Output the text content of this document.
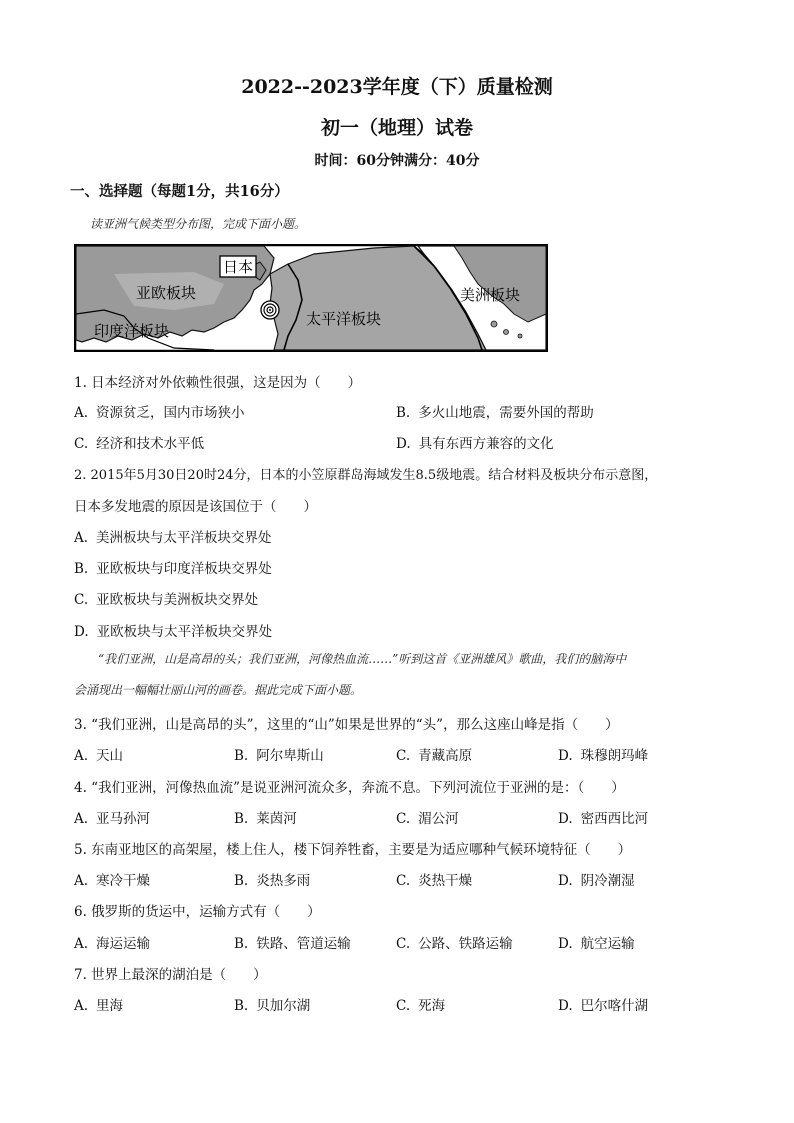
2022--2023学年度（下）质量检测
初一（地理）试卷
时间：60分钟满分：40分
一、选择题（每题1分，共16分）
读亚洲气候类型分布图，完成下面小题。
日本
亚欧板块
印度洋板块
太平洋板块
美洲板块
1. 日本经济对外依赖性很强，这是因为（　　）
A. 资源贫乏，国内市场狭小	B. 多火山地震，需要外国的帮助
C. 经济和技术水平低	D. 具有东西方兼容的文化
2. 2015年5月30日20时24分，日本的小笠原群岛海域发生8.5级地震。结合材料及板块分布示意图，
日本多发地震的原因是该国位于（　　）
A. 美洲板块与太平洋板块交界处
B. 亚欧板块与印度洋板块交界处
C. 亚欧板块与美洲板块交界处
D. 亚欧板块与太平洋板块交界处
“我们亚洲，山是高昂的头；我们亚洲，河像热血流……”听到这首《亚洲雄风》歌曲，我们的脑海中
会涌现出一幅幅壮丽山河的画卷。据此完成下面小题。
3. “我们亚洲，山是高昂的头”，这里的“山”如果是世界的“头”，那么这座山峰是指（　　）
A. 天山	B. 阿尔卑斯山	C. 青藏高原	D. 珠穆朗玛峰
4. “我们亚洲，河像热血流”是说亚洲河流众多，奔流不息。下列河流位于亚洲的是：（　　）
A. 亚马孙河	B. 莱茵河	C. 湄公河	D. 密西西比河
5. 东南亚地区的高架屋，楼上住人，楼下饲养牲畜，主要是为适应哪种气候环境特征（　　）
A. 寒冷干燥	B. 炎热多雨	C. 炎热干燥	D. 阴冷潮湿
6. 俄罗斯的货运中，运输方式有（　　）
A. 海运运输	B. 铁路、管道运输	C. 公路、铁路运输	D. 航空运输
7. 世界上最深的湖泊是（　　）
A. 里海	B. 贝加尔湖	C. 死海	D. 巴尔喀什湖
